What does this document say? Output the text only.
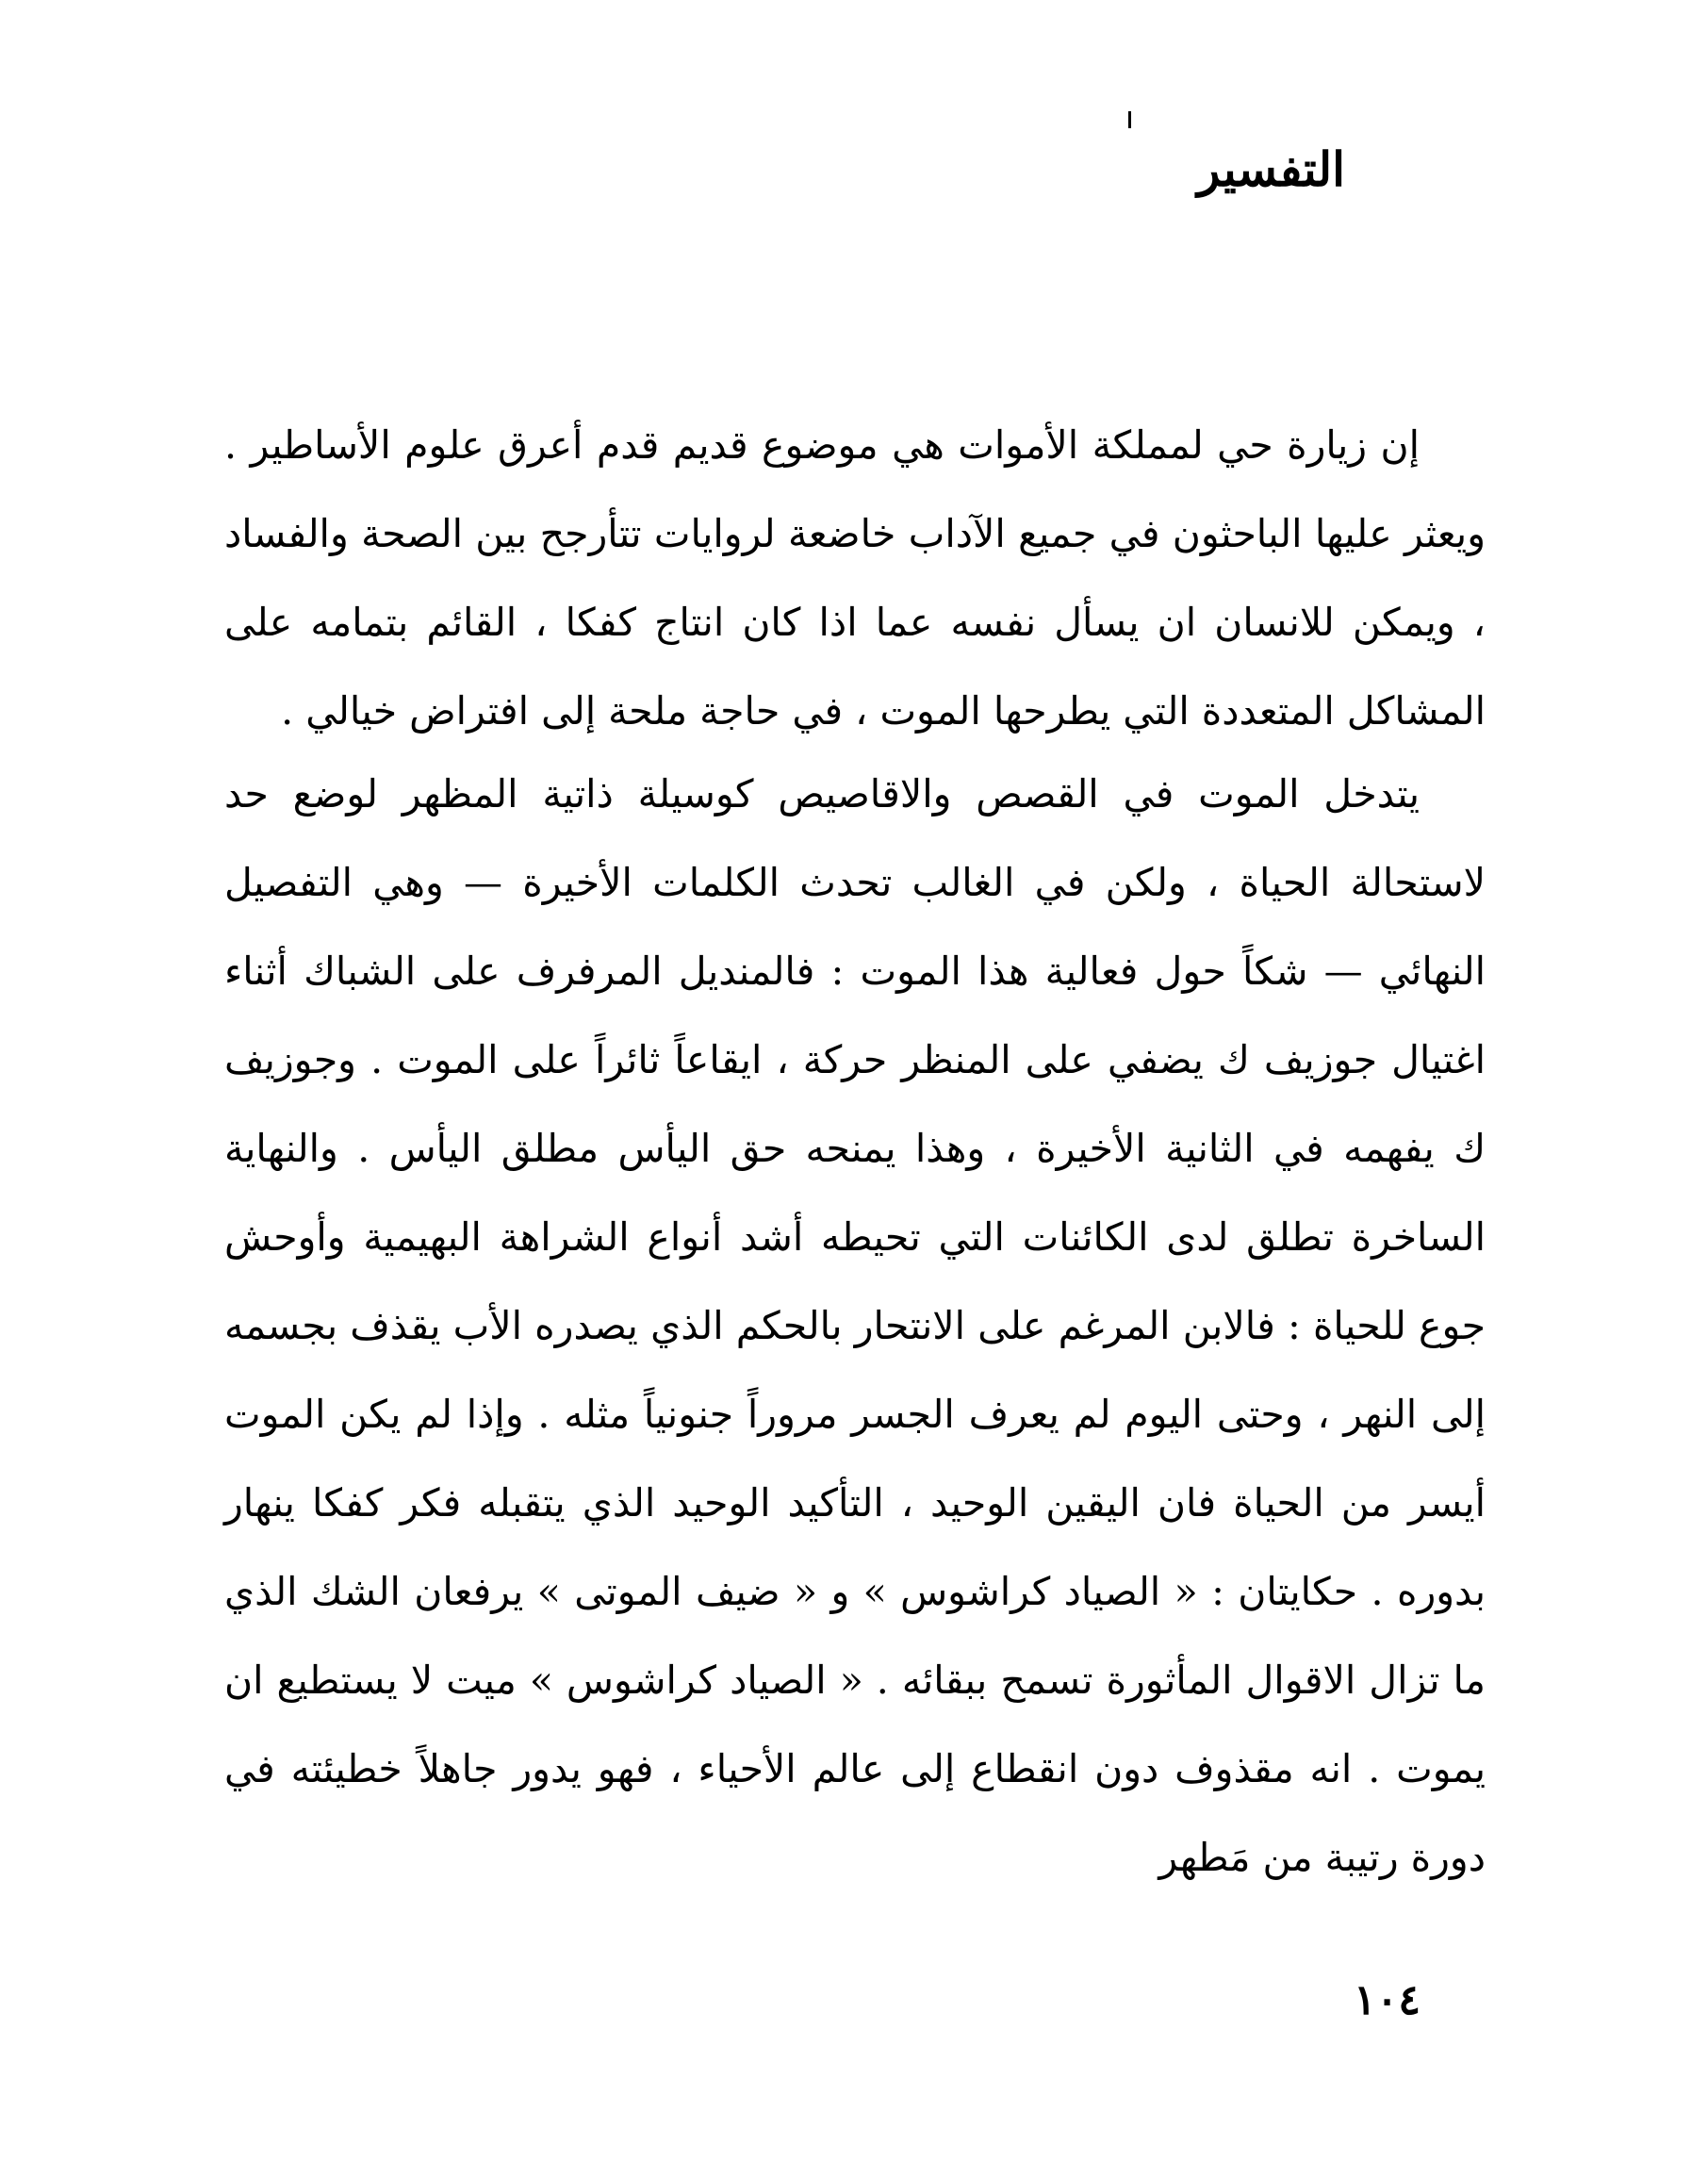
التفسير

إن زيارة حي لمملكة الأموات هي موضوع قديم قدم أعرق علوم الأساطير . ويعثر عليها الباحثون في جميع الآداب خاضعة لروايات تتأرجح بين الصحة والفساد ، ويمكن للانسان ان يسأل نفسه عما اذا كان انتاج كفكا ، القائم بتمامه على المشاكل المتعددة التي يطرحها الموت ، في حاجة ملحة إلى افتراض خيالي .

يتدخل الموت في القصص والاقاصيص كوسيلة ذاتية المظهر لوضع حد لاستحالة الحياة ، ولكن في الغالب تحدث الكلمات الأخيرة — وهي التفصيل النهائي — شكاً حول فعالية هذا الموت : فالمنديل المرفرف على الشباك أثناء اغتيال جوزيف ك يضفي على المنظر حركة ، ايقاعاً ثائراً على الموت . وجوزيف ك يفهمه في الثانية الأخيرة ، وهذا يمنحه حق اليأس مطلق اليأس . والنهاية الساخرة تطلق لدى الكائنات التي تحيطه أشد أنواع الشراهة البهيمية وأوحش جوع للحياة : فالابن المرغم على الانتحار بالحكم الذي يصدره الأب يقذف بجسمه إلى النهر ، وحتى اليوم لم يعرف الجسر مروراً جنونياً مثله . وإذا لم يكن الموت أيسر من الحياة فان اليقين الوحيد ، التأكيد الوحيد الذي يتقبله فكر كفكا ينهار بدوره . حكايتان : « الصياد كراشوس » و « ضيف الموتى » يرفعان الشك الذي ما تزال الاقوال المأثورة تسمح ببقائه . « الصياد كراشوس » ميت لا يستطيع ان يموت . انه مقذوف دون انقطاع إلى عالم الأحياء ، فهو يدور جاهلاً خطيئته في دورة رتيبة من مَطهر

١٠٤
